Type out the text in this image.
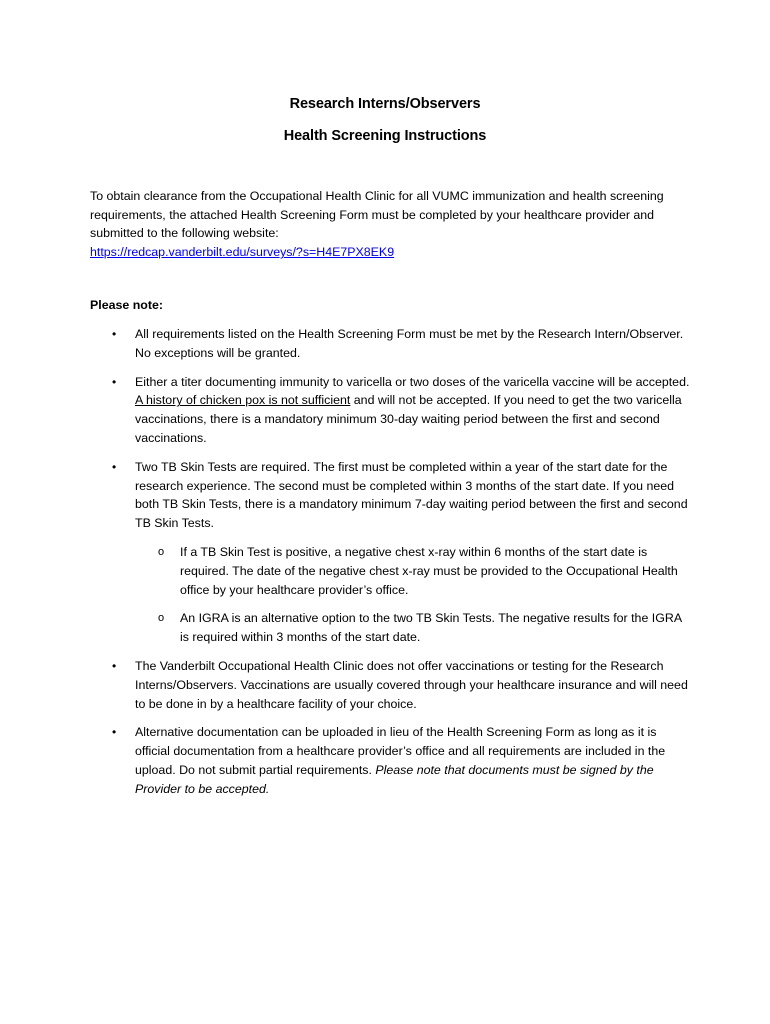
Research Interns/Observers
Health Screening Instructions

To obtain clearance from the Occupational Health Clinic for all VUMC immunization and health screening requirements, the attached Health Screening Form must be completed by your healthcare provider and submitted to the following website:
https://redcap.vanderbilt.edu/surveys/?s=H4E7PX8EK9

Please note:
• All requirements listed on the Health Screening Form must be met by the Research Intern/Observer. No exceptions will be granted.
• Either a titer documenting immunity to varicella or two doses of the varicella vaccine will be accepted. A history of chicken pox is not sufficient and will not be accepted. If you need to get the two varicella vaccinations, there is a mandatory minimum 30-day waiting period between the first and second vaccinations.
• Two TB Skin Tests are required. The first must be completed within a year of the start date for the research experience. The second must be completed within 3 months of the start date. If you need both TB Skin Tests, there is a mandatory minimum 7-day waiting period between the first and second TB Skin Tests.
o If a TB Skin Test is positive, a negative chest x-ray within 6 months of the start date is required. The date of the negative chest x-ray must be provided to the Occupational Health office by your healthcare provider’s office.
o An IGRA is an alternative option to the two TB Skin Tests. The negative results for the IGRA is required within 3 months of the start date.
• The Vanderbilt Occupational Health Clinic does not offer vaccinations or testing for the Research Interns/Observers. Vaccinations are usually covered through your healthcare insurance and will need to be done in by a healthcare facility of your choice.
• Alternative documentation can be uploaded in lieu of the Health Screening Form as long as it is official documentation from a healthcare provider’s office and all requirements are included in the upload. Do not submit partial requirements. Please note that documents must be signed by the Provider to be accepted.
